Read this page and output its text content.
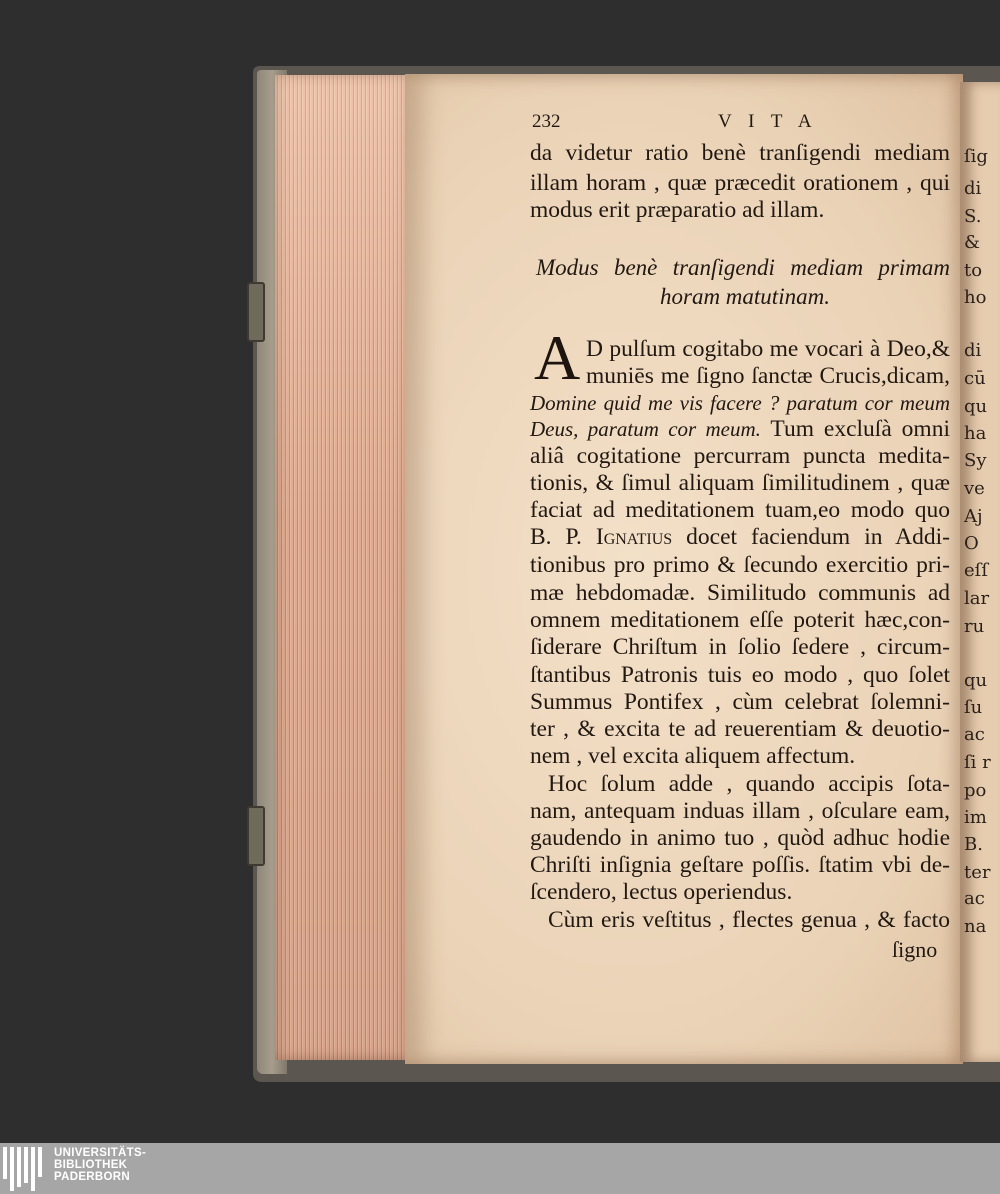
ſig
di
S.
&
to
ho
di
cū
qu
ha
Sy
ve
Aj
O
eſſ
lar
ru
qu
ſu
ac
ſi r
po
im
B.
ter
ac
na
232	V I T A
da videtur ratio benè tranſigendi mediam
illam horam , quæ præcedit orationem , qui
modus erit præparatio ad illam.
Modus benè tranſigendi mediam primam
horam matutinam.
A D pulſum cogitabo me vocari à Deo,&
muniēs me ſigno ſanctæ Crucis,dicam,
Domine quid me vis facere ? paratum cor meum
Deus, paratum cor meum. Tum excluſà omni
aliâ cogitatione percurram puncta medita-
tionis, & ſimul aliquam ſimilitudinem , quæ
faciat ad meditationem tuam,eo modo quo
B. P. Ignatius docet faciendum in Addi-
tionibus pro primo & ſecundo exercitio pri-
mæ hebdomadæ. Similitudo communis ad
omnem meditationem eſſe poterit hæc,con-
ſiderare Chriſtum in ſolio ſedere , circum-
ſtantibus Patronis tuis eo modo , quo ſolet
Summus Pontifex , cùm celebrat ſolemni-
ter , & excita te ad reuerentiam & deuotio-
nem , vel excita aliquem affectum.
Hoc ſolum adde , quando accipis ſota-
nam, antequam induas illam , oſculare eam,
gaudendo in animo tuo , quòd adhuc hodie
Chriſti inſignia geſtare poſſis. ſtatim vbi de-
ſcendero, lectus operiendus.
Cùm eris veſtitus , flectes genua , & facto
ſigno
UNIVERSITÄTS-
BIBLIOTHEK
PADERBORN
